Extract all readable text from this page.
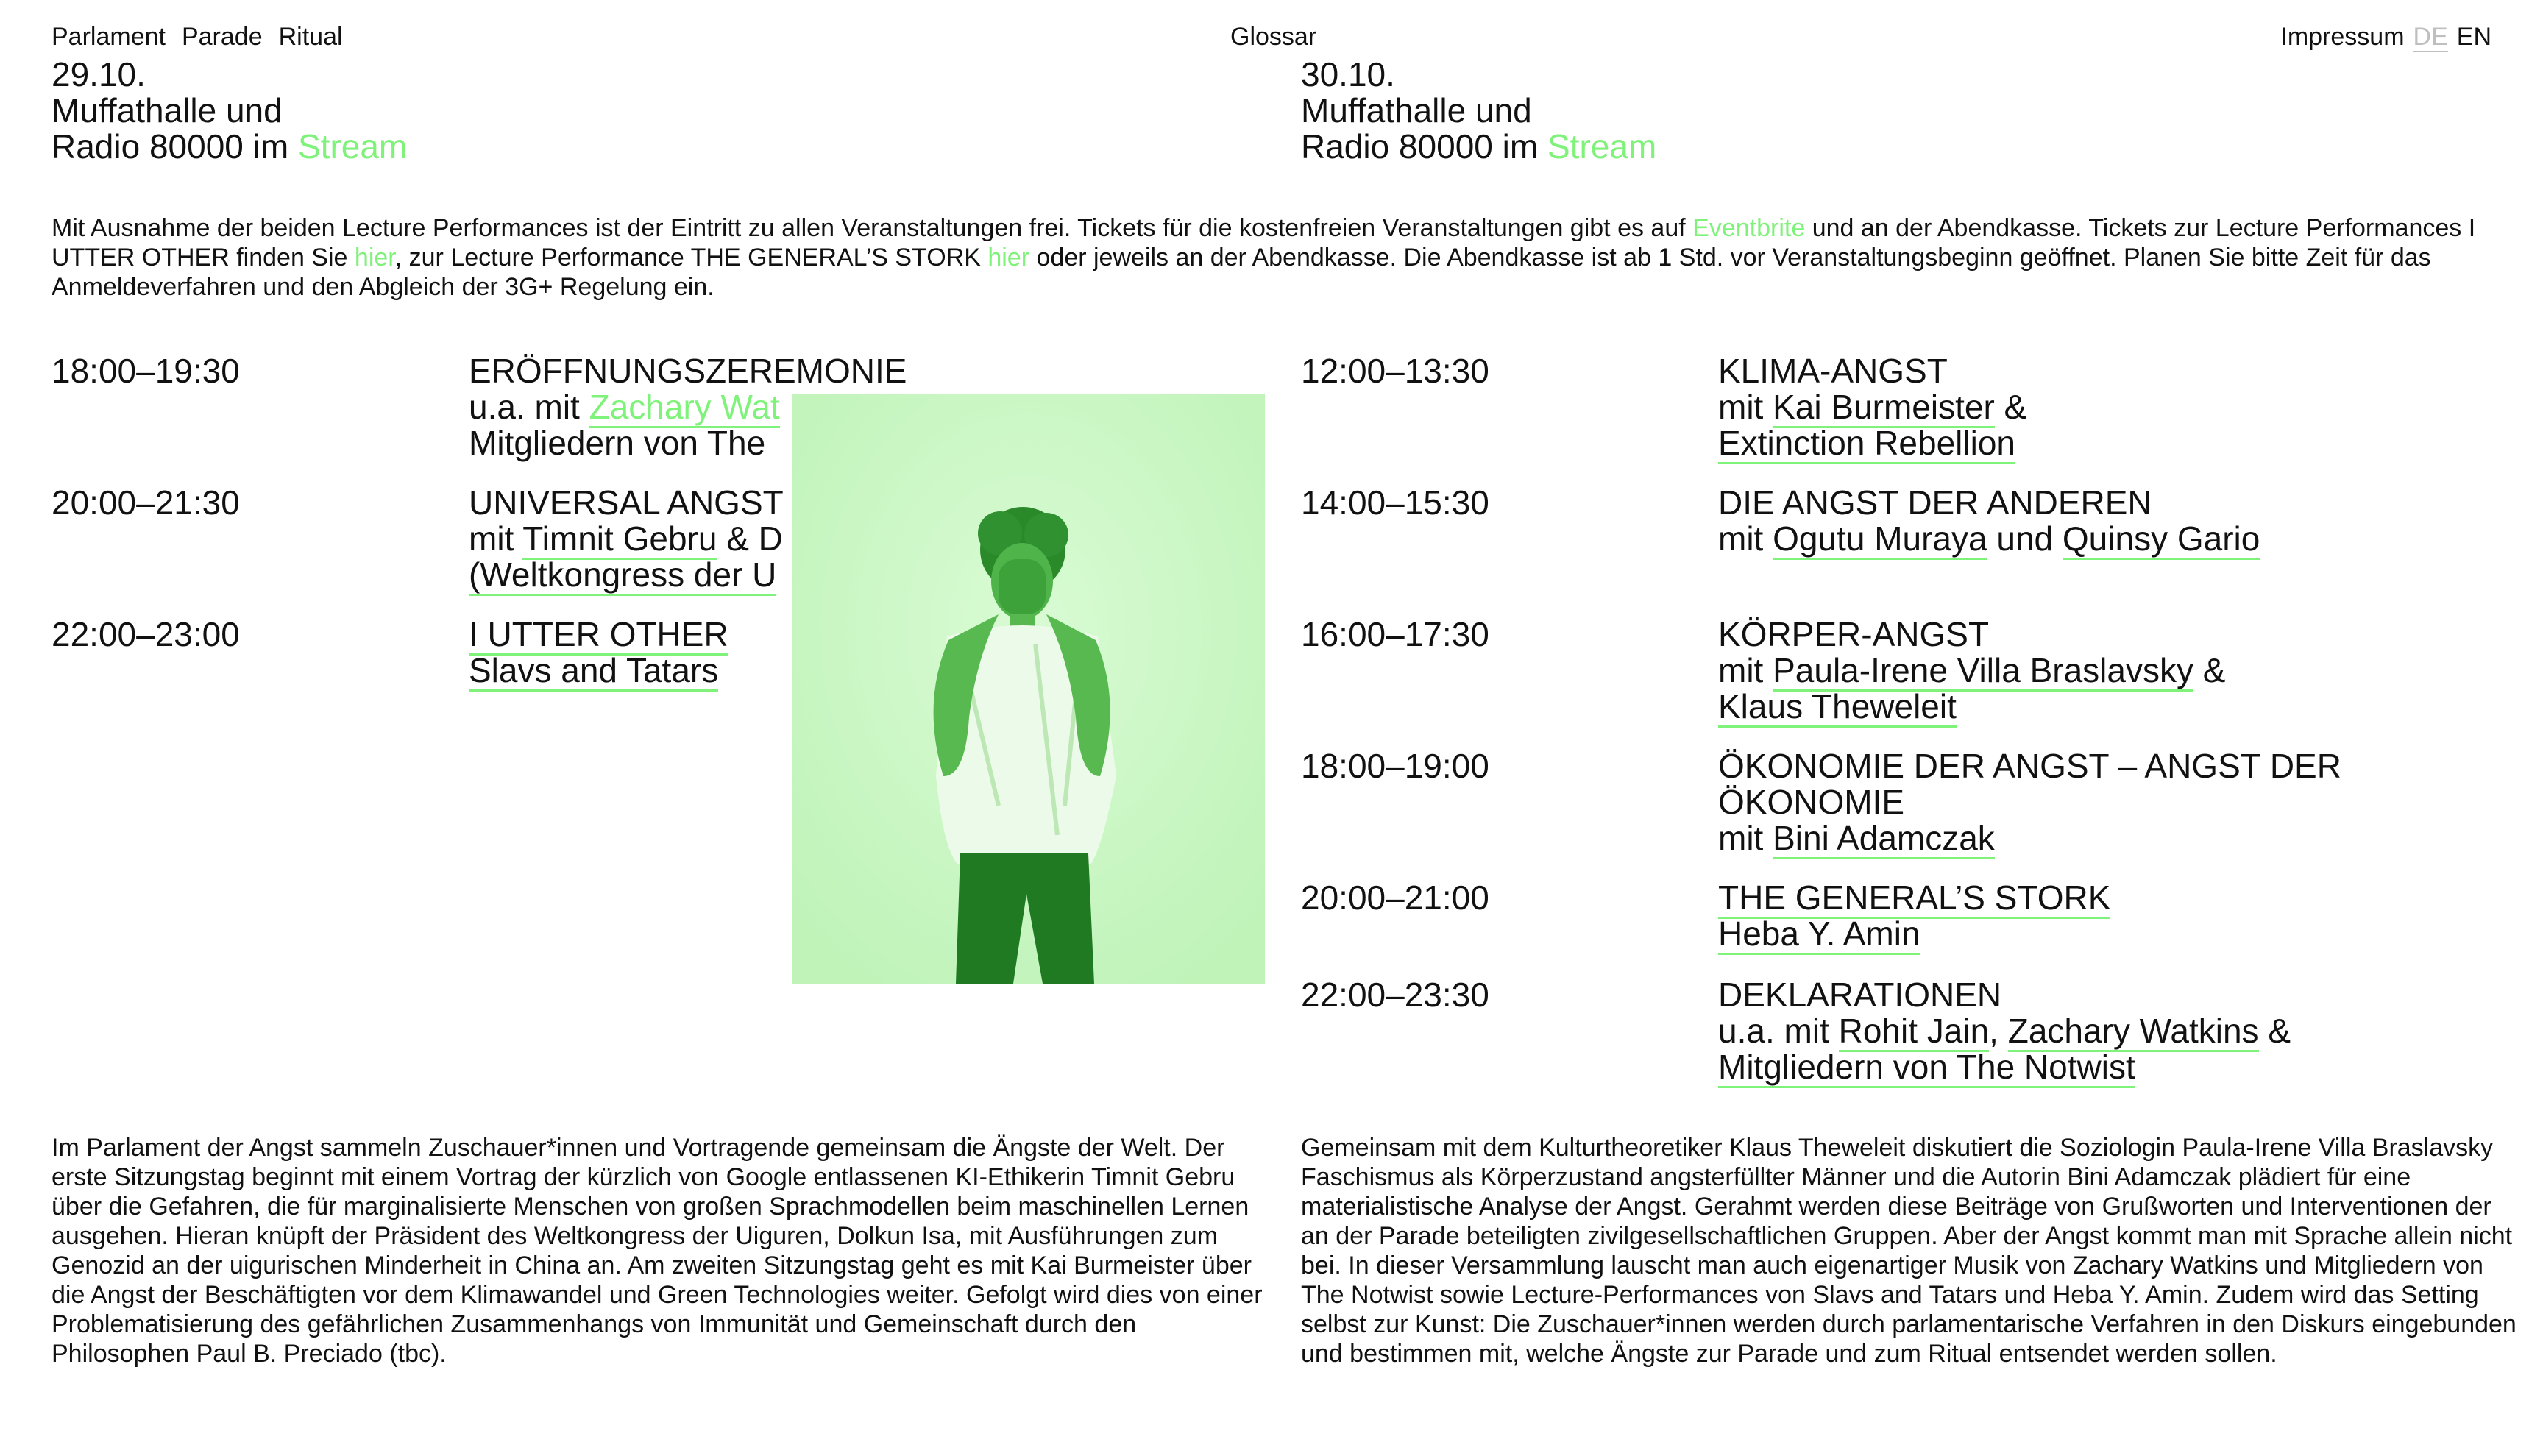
Parlament Parade Ritual	Glossar	Impressum DE EN
29.10.
Muffathalle und
Radio 80000 im Stream
30.10.
Muffathalle und
Radio 80000 im Stream
Mit Ausnahme der beiden Lecture Performances ist der Eintritt zu allen Veranstaltungen frei. Tickets für die kostenfreien Veranstaltungen gibt es auf Eventbrite und an der Abendkasse. Tickets zur Lecture Performances I UTTER OTHER finden Sie hier, zur Lecture Performance THE GENERAL’S STORK hier oder jeweils an der Abendkasse. Die Abendkasse ist ab 1 Std. vor Veranstaltungsbeginn geöffnet. Planen Sie bitte Zeit für das Anmeldeverfahren und den Abgleich der 3G+ Regelung ein.
18:00–19:30	ERÖFFNUNGSZEREMONIE
u.a. mit Zachary Wat
Mitgliedern von The
20:00–21:30	UNIVERSAL ANGST
mit Timnit Gebru & D
(Weltkongress der U
22:00–23:00	I UTTER OTHER
Slavs and Tatars
12:00–13:30	KLIMA-ANGST
mit Kai Burmeister &
Extinction Rebellion
14:00–15:30	DIE ANGST DER ANDEREN
mit Ogutu Muraya und Quinsy Gario
16:00–17:30	KÖRPER-ANGST
mit Paula-Irene Villa Braslavsky &
Klaus Theweleit
18:00–19:00	ÖKONOMIE DER ANGST – ANGST DER
ÖKONOMIE
mit Bini Adamczak
20:00–21:00	THE GENERAL’S STORK
Heba Y. Amin
22:00–23:30	DEKLARATIONEN
u.a. mit Rohit Jain, Zachary Watkins &
Mitgliedern von The Notwist
Im Parlament der Angst sammeln Zuschauer*innen und Vortragende gemeinsam die Ängste der Welt. Der erste Sitzungstag beginnt mit einem Vortrag der kürzlich von Google entlassenen KI-Ethikerin Timnit Gebru über die Gefahren, die für marginalisierte Menschen von großen Sprachmodellen beim maschinellen Lernen ausgehen. Hieran knüpft der Präsident des Weltkongress der Uiguren, Dolkun Isa, mit Ausführungen zum Genozid an der uigurischen Minderheit in China an. Am zweiten Sitzungstag geht es mit Kai Burmeister über die Angst der Beschäftigten vor dem Klimawandel und Green Technologies weiter. Gefolgt wird dies von einer Problematisierung des gefährlichen Zusammenhangs von Immunität und Gemeinschaft durch den Philosophen Paul B. Preciado (tbc).
Gemeinsam mit dem Kulturtheoretiker Klaus Theweleit diskutiert die Soziologin Paula-Irene Villa Braslavsky Faschismus als Körperzustand angsterfüllter Männer und die Autorin Bini Adamczak plädiert für eine materialistische Analyse der Angst. Gerahmt werden diese Beiträge von Grußworten und Interventionen der an der Parade beteiligten zivilgesellschaftlichen Gruppen. Aber der Angst kommt man mit Sprache allein nicht bei. In dieser Versammlung lauscht man auch eigenartiger Musik von Zachary Watkins und Mitgliedern von The Notwist sowie Lecture-Performances von Slavs and Tatars und Heba Y. Amin. Zudem wird das Setting selbst zur Kunst: Die Zuschauer*innen werden durch parlamentarische Verfahren in den Diskurs eingebunden und bestimmen mit, welche Ängste zur Parade und zum Ritual entsendet werden sollen.
